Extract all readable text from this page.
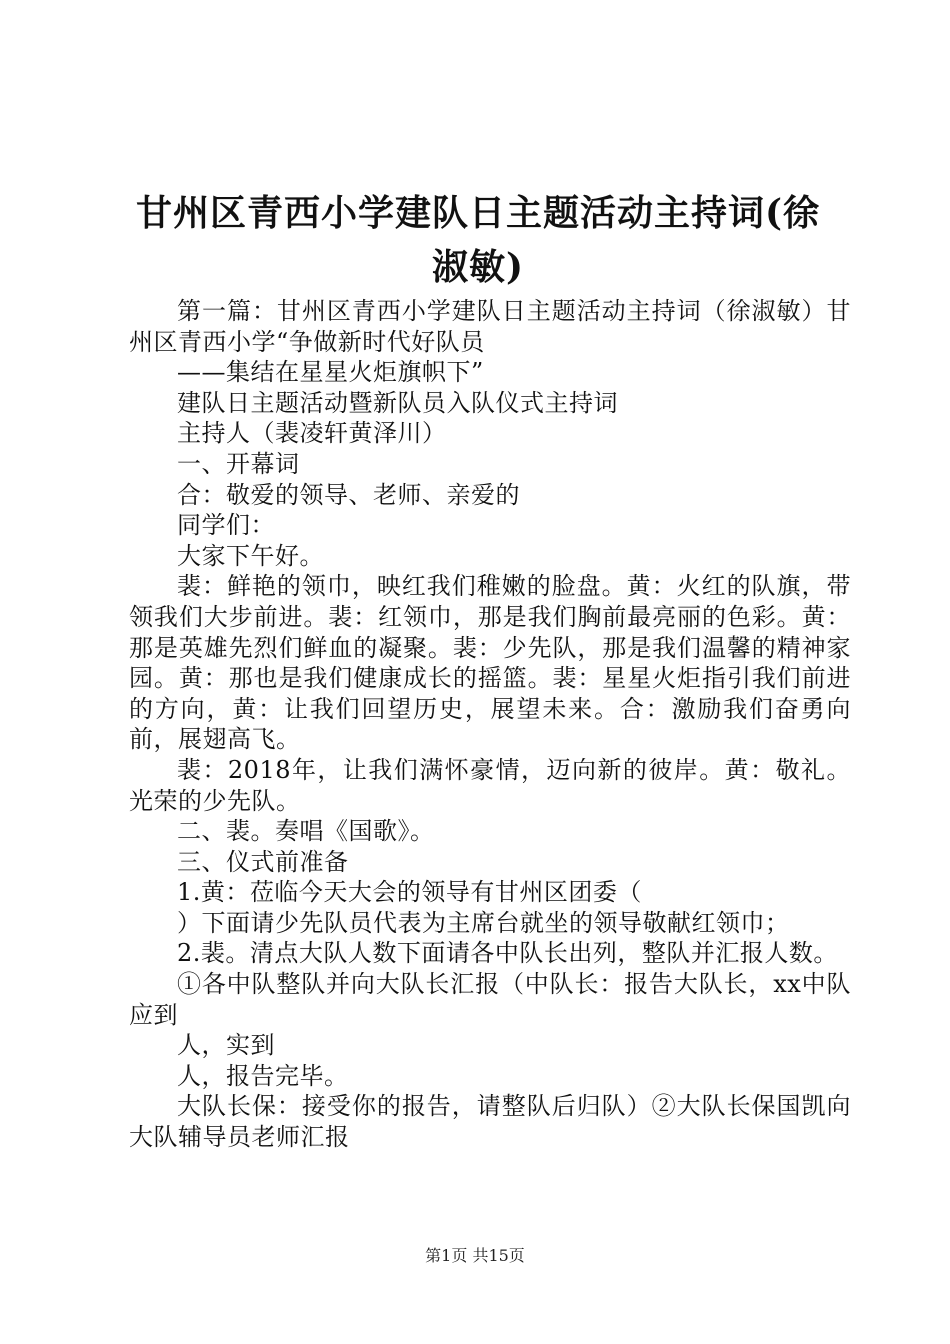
甘州区青西小学建队日主题活动主持词(徐淑敏)

第一篇：甘州区青西小学建队日主题活动主持词（徐淑敏）甘州区青西小学“争做新时代好队员

——集结在星星火炬旗帜下”

建队日主题活动暨新队员入队仪式主持词

主持人（裴凌轩黄泽川）

一、开幕词

合：敬爱的领导、老师、亲爱的

同学们：

大家下午好。

裴：鲜艳的领巾，映红我们稚嫩的脸盘。黄：火红的队旗，带领我们大步前进。裴：红领巾，那是我们胸前最亮丽的色彩。黄：那是英雄先烈们鲜血的凝聚。裴：少先队，那是我们温馨的精神家园。黄：那也是我们健康成长的摇篮。裴：星星火炬指引我们前进的方向，黄：让我们回望历史，展望未来。合：激励我们奋勇向前，展翅高飞。

裴：2018年，让我们满怀豪情，迈向新的彼岸。黄：敬礼。光荣的少先队。

二、裴。奏唱《国歌》。

三、仪式前准备

1.黄：莅临今天大会的领导有甘州区团委（

）下面请少先队员代表为主席台就坐的领导敬献红领巾；

2.裴。清点大队人数下面请各中队长出列，整队并汇报人数。

①各中队整队并向大队长汇报（中队长：报告大队长，xx中队应到

人，实到

人，报告完毕。

大队长保：接受你的报告，请整队后归队）②大队长保国凯向大队辅导员老师汇报

第1页 共15页
